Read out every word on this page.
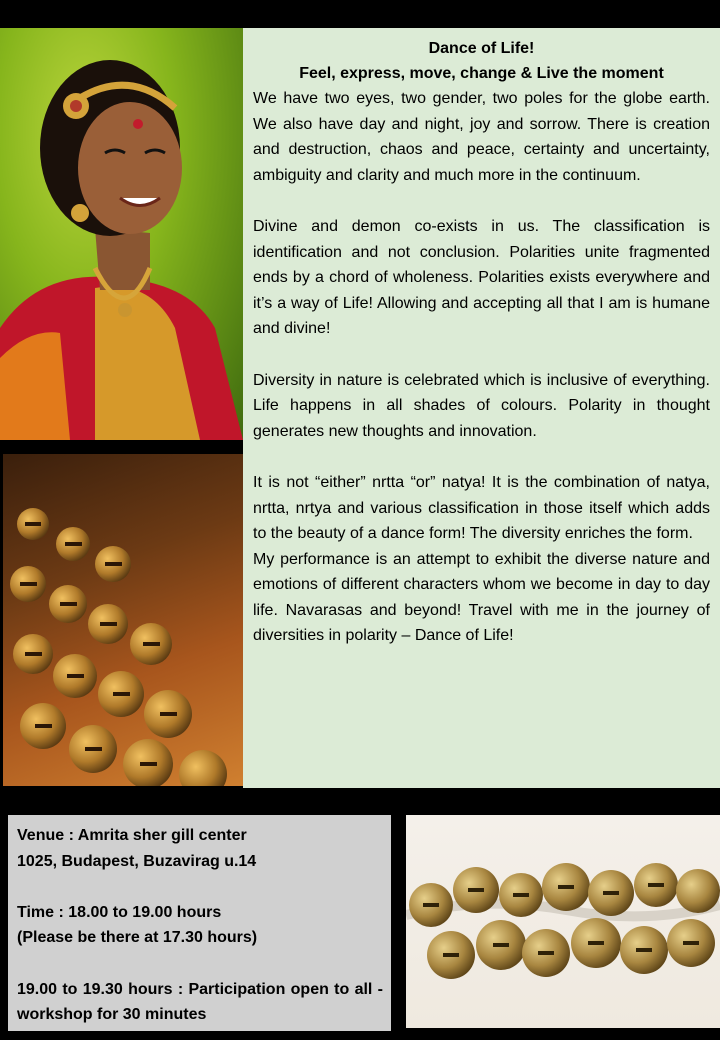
Dance of Life!
Feel, express, move, change & Live the moment

We have two eyes, two gender, two poles for the globe earth. We also have day and night, joy and sorrow. There is creation and destruction, chaos and peace, certainty and uncertainty, ambiguity and clarity and much more in the continuum.

Divine and demon co-exists in us. The classification is identification and not conclusion. Polarities unite fragmented ends by a chord of wholeness. Polarities exists everywhere and it’s a way of Life! Allowing and accepting all that I am is humane and divine!

Diversity in nature is celebrated which is inclusive of everything. Life happens in all shades of colours. Polarity in thought generates new thoughts and innovation.

It is not “either” nrtta “or” natya! It is the combination of natya, nrtta, nrtya and various classification in those itself which adds to the beauty of a dance form! The diversity enriches the form.

My performance is an attempt to exhibit the diverse nature and emotions of different characters whom we become in day to day life. Navarasas and beyond! Travel with me in the journey of diversities in polarity – Dance of Life!

Venue : Amrita sher gill center

1025, Budapest, Buzavirag u.14

Time : 18.00 to 19.00 hours

(Please be there at 17.30 hours)

19.00 to 19.30 hours : Participation open to all - workshop for 30 minutes
